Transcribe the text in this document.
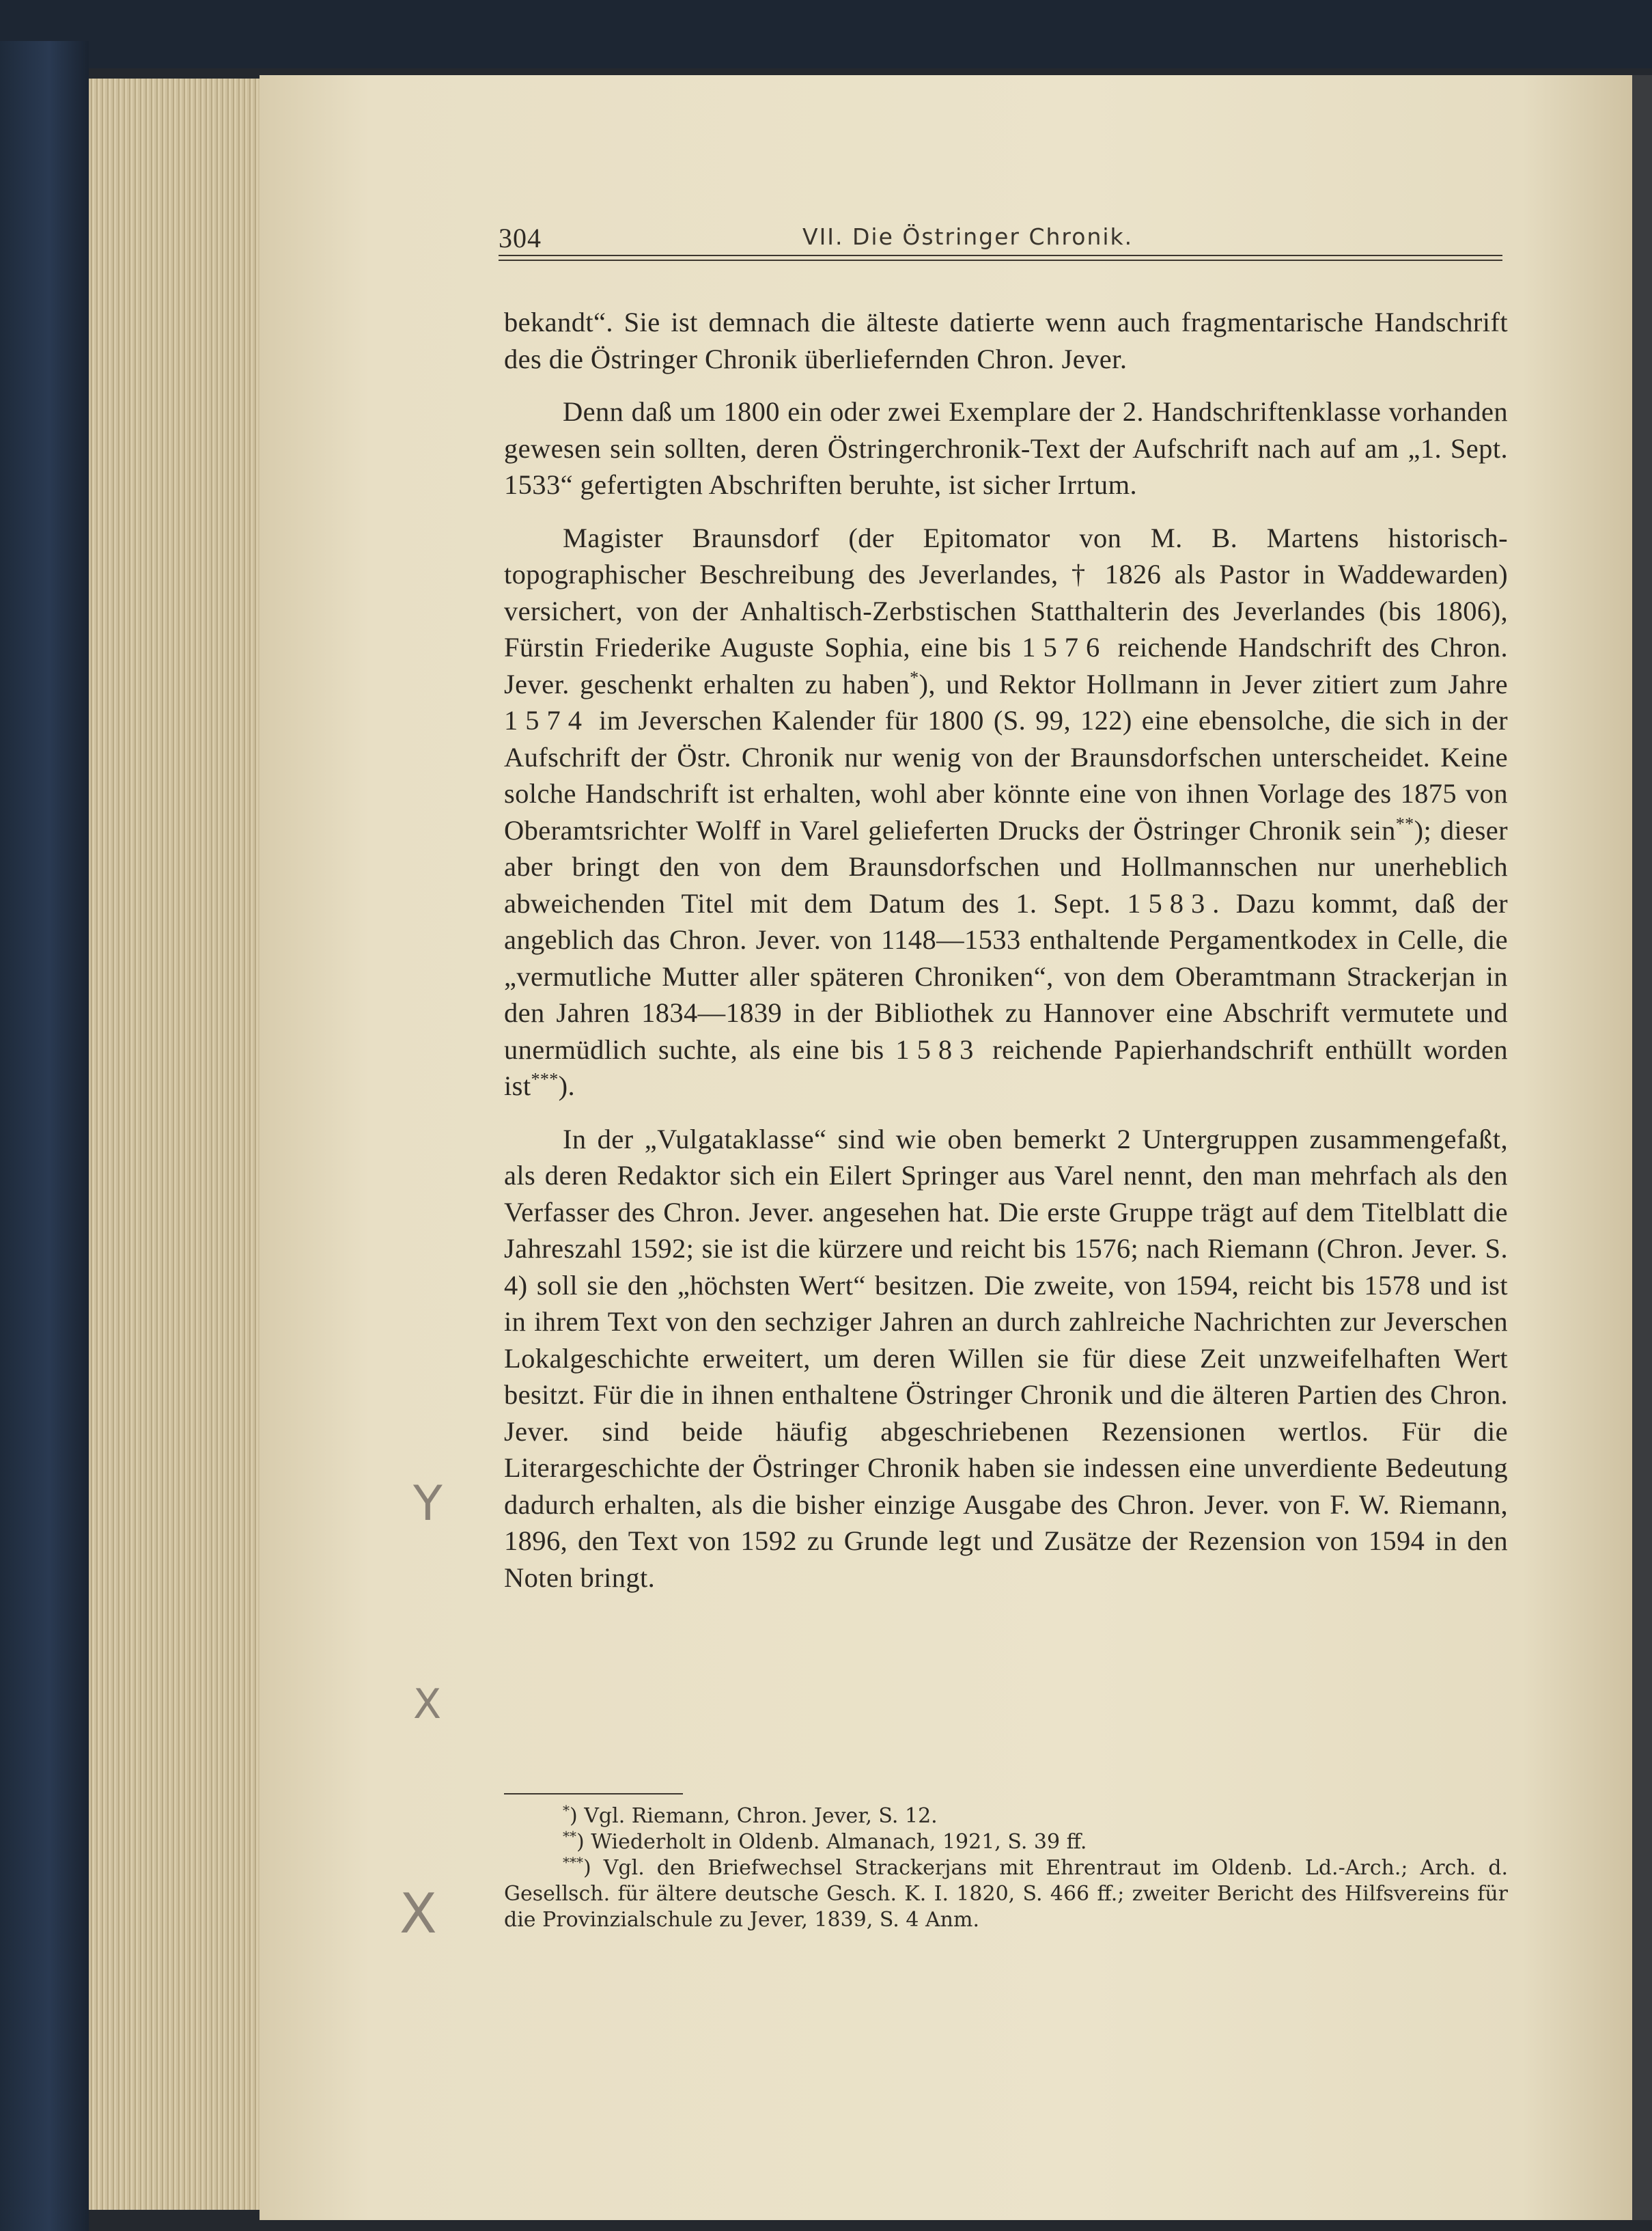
304	VII. Die Östringer Chronik.

bekandt“. Sie ist demnach die älteste datierte wenn auch fragmentarische Handschrift des die Östringer Chronik überliefernden Chron. Jever.

Denn daß um 1800 ein oder zwei Exemplare der 2. Handschriftenklasse vorhanden gewesen sein sollten, deren Östringerchronik-Text der Aufschrift nach auf am „1. Sept. 1533“ gefertigten Abschriften beruhte, ist sicher Irrtum.

Magister Braunsdorf (der Epitomator von M. B. Martens historisch-topographischer Beschreibung des Jeverlandes, † 1826 als Pastor in Waddewarden) versichert, von der Anhaltisch-Zerbstischen Statthalterin des Jeverlandes (bis 1806), Fürstin Friederike Auguste Sophia, eine bis 1576 reichende Handschrift des Chron. Jever. geschenkt erhalten zu haben*), und Rektor Hollmann in Jever zitiert zum Jahre 1574 im Jeverschen Kalender für 1800 (S. 99, 122) eine ebensolche, die sich in der Aufschrift der Östr. Chronik nur wenig von der Braunsdorfschen unterscheidet. Keine solche Handschrift ist erhalten, wohl aber könnte eine von ihnen Vorlage des 1875 von Oberamtsrichter Wolff in Varel gelieferten Drucks der Östringer Chronik sein**); dieser aber bringt den von dem Braunsdorfschen und Hollmannschen nur unerheblich abweichenden Titel mit dem Datum des 1. Sept. 1583. Dazu kommt, daß der angeblich das Chron. Jever. von 1148—1533 enthaltende Pergamentkodex in Celle, die „vermutliche Mutter aller späteren Chroniken“, von dem Oberamtmann Strackerjan in den Jahren 1834—1839 in der Bibliothek zu Hannover eine Abschrift vermutete und unermüdlich suchte, als eine bis 1583 reichende Papierhandschrift enthüllt worden ist***).

In der „Vulgataklasse“ sind wie oben bemerkt 2 Untergruppen zusammengefaßt, als deren Redaktor sich ein Eilert Springer aus Varel nennt, den man mehrfach als den Verfasser des Chron. Jever. angesehen hat. Die erste Gruppe trägt auf dem Titelblatt die Jahreszahl 1592; sie ist die kürzere und reicht bis 1576; nach Riemann (Chron. Jever. S. 4) soll sie den „höchsten Wert“ besitzen. Die zweite, von 1594, reicht bis 1578 und ist in ihrem Text von den sechziger Jahren an durch zahlreiche Nachrichten zur Jeverschen Lokalgeschichte erweitert, um deren Willen sie für diese Zeit unzweifelhaften Wert besitzt. Für die in ihnen enthaltene Östringer Chronik und die älteren Partien des Chron. Jever. sind beide häufig abgeschriebenen Rezensionen wertlos. Für die Literargeschichte der Östringer Chronik haben sie indessen eine unverdiente Bedeutung dadurch erhalten, als die bisher einzige Ausgabe des Chron. Jever. von F. W. Riemann, 1896, den Text von 1592 zu Grunde legt und Zusätze der Rezension von 1594 in den Noten bringt.

*) Vgl. Riemann, Chron. Jever, S. 12.

**) Wiederholt in Oldenb. Almanach, 1921, S. 39 ff.

***) Vgl. den Briefwechsel Strackerjans mit Ehrentraut im Oldenb. Ld.-Arch.; Arch. d. Gesellsch. für ältere deutsche Gesch. K. I. 1820, S. 466 ff.; zweiter Bericht des Hilfsvereins für die Provinzialschule zu Jever, 1839, S. 4 Anm.

Y
X
X
